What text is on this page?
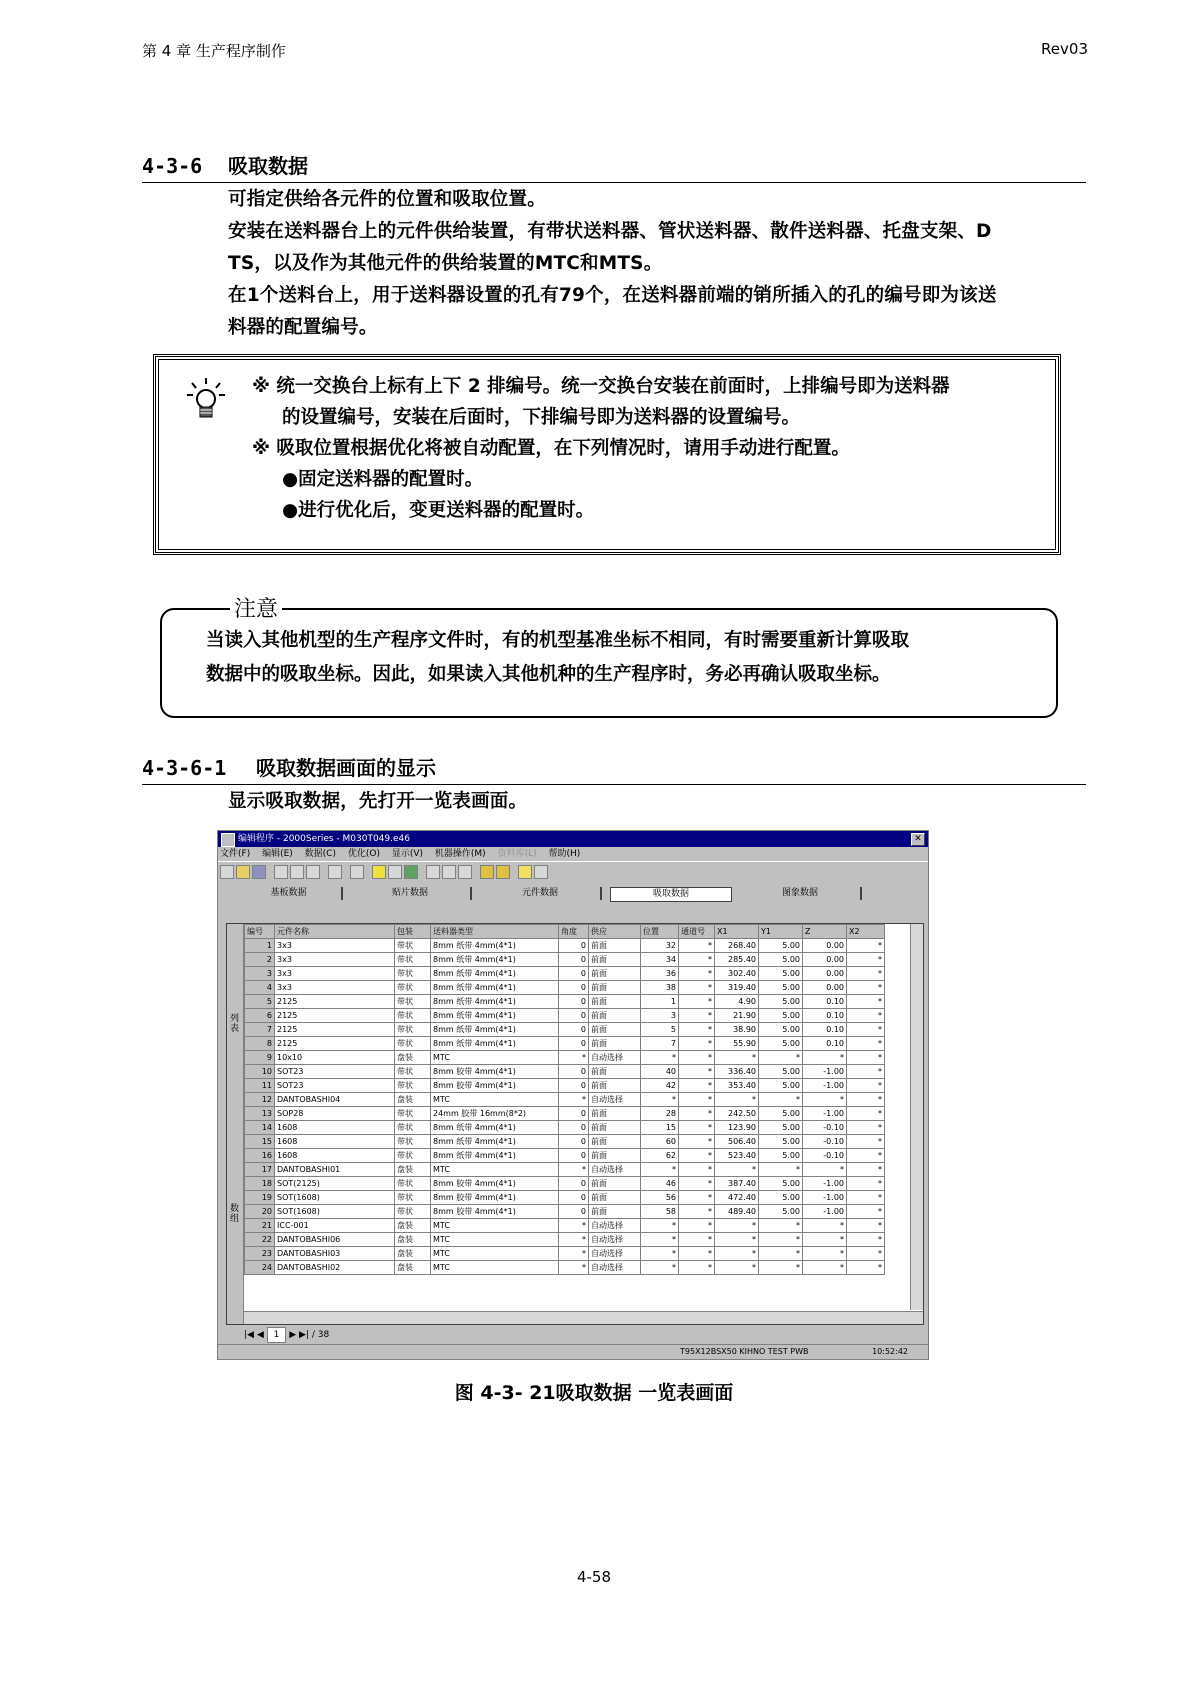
第 4 章 生产程序制作	Rev03
4-3-6 吸取数据

可指定供给各元件的位置和吸取位置。

安装在送料器台上的元件供给装置，有带状送料器、管状送料器、散件送料器、托盘支架、D

TS，以及作为其他元件的供给装置的MTC和MTS。

在1个送料台上，用于送料器设置的孔有79个，在送料器前端的销所插入的孔的编号即为该送

料器的配置编号。

※ 统一交换台上标有上下 2 排编号。统一交换台安装在前面时，上排编号即为送料器

的设置编号，安装在后面时，下排编号即为送料器的设置编号。

※ 吸取位置根据优化将被自动配置，在下列情况时，请用手动进行配置。

●固定送料器的配置时。

●进行优化后，变更送料器的配置时。

注意

当读入其他机型的生产程序文件时，有的机型基准坐标不相同，有时需要重新计算吸取

数据中的吸取坐标。因此，如果读入其他机种的生产程序时，务必再确认吸取坐标。

4-3-6-1 吸取数据画面的显示
显示吸取数据，先打开一览表画面。
编辑程序 - 2000Series - M030T049.e46	✕
文件(F) 编辑(E) 数据(C) 优化(O) 显示(V) 机器操作(M) 资料库(L) 帮助(H)
基板数据	贴片数据	元件数据	吸取数据	图象数据
列表
数组
编号	元件名称	包装	送料器类型	角度	供应	位置	通道号	X1	Y1	Z	X2
1	3x3	带状	8mm 纸带 4mm(4*1)	0	前面	32	*	268.40	5.00	0.00	*
2	3x3	带状	8mm 纸带 4mm(4*1)	0	前面	34	*	285.40	5.00	0.00	*
3	3x3	带状	8mm 纸带 4mm(4*1)	0	前面	36	*	302.40	5.00	0.00	*
4	3x3	带状	8mm 纸带 4mm(4*1)	0	前面	38	*	319.40	5.00	0.00	*
5	2125	带状	8mm 纸带 4mm(4*1)	0	前面	1	*	4.90	5.00	0.10	*
6	2125	带状	8mm 纸带 4mm(4*1)	0	前面	3	*	21.90	5.00	0.10	*
7	2125	带状	8mm 纸带 4mm(4*1)	0	前面	5	*	38.90	5.00	0.10	*
8	2125	带状	8mm 纸带 4mm(4*1)	0	前面	7	*	55.90	5.00	0.10	*
9	10x10	盘装	MTC	*	自动选择	*	*	*	*	*	*
10	SOT23	带状	8mm 胶带 4mm(4*1)	0	前面	40	*	336.40	5.00	-1.00	*
11	SOT23	带状	8mm 胶带 4mm(4*1)	0	前面	42	*	353.40	5.00	-1.00	*
12	DANTOBASHI04	盘装	MTC	*	自动选择	*	*	*	*	*	*
13	SOP28	带状	24mm 胶带 16mm(8*2)	0	前面	28	*	242.50	5.00	-1.00	*
14	1608	带状	8mm 纸带 4mm(4*1)	0	前面	15	*	123.90	5.00	-0.10	*
15	1608	带状	8mm 纸带 4mm(4*1)	0	前面	60	*	506.40	5.00	-0.10	*
16	1608	带状	8mm 纸带 4mm(4*1)	0	前面	62	*	523.40	5.00	-0.10	*
17	DANTOBASHI01	盘装	MTC	*	自动选择	*	*	*	*	*	*
18	SOT(2125)	带状	8mm 胶带 4mm(4*1)	0	前面	46	*	387.40	5.00	-1.00	*
19	SOT(1608)	带状	8mm 胶带 4mm(4*1)	0	前面	56	*	472.40	5.00	-1.00	*
20	SOT(1608)	带状	8mm 胶带 4mm(4*1)	0	前面	58	*	489.40	5.00	-1.00	*
21	ICC-001	盘装	MTC	*	自动选择	*	*	*	*	*	*
22	DANTOBASHI06	盘装	MTC	*	自动选择	*	*	*	*	*	*
23	DANTOBASHI03	盘装	MTC	*	自动选择	*	*	*	*	*	*
24	DANTOBASHI02	盘装	MTC	*	自动选择	*	*	*	*	*	*
|◀ ◀ 1 ▶ ▶| / 38
T95X12BSX50 KIHNO TEST PWB	10:52:42
图 4-3- 21吸取数据 一览表画面
4-58
